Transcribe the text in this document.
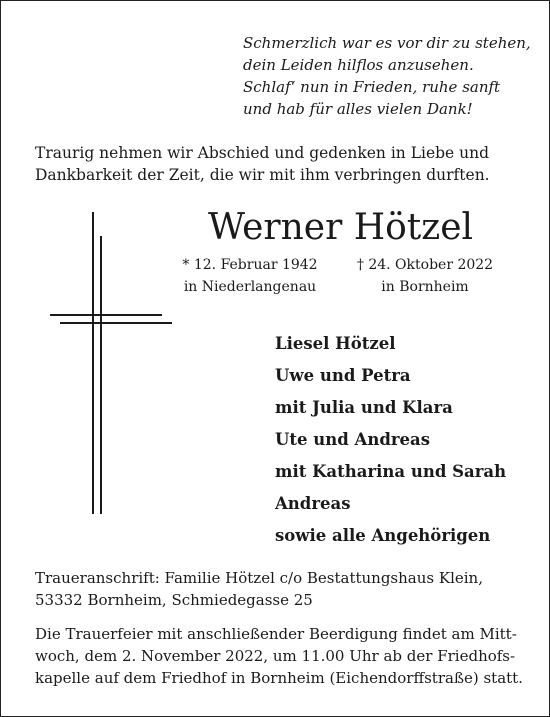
Schmerzlich war es vor dir zu stehen,
dein Leiden hilflos anzusehen.
Schlaf‘ nun in Frieden, ruhe sanft
und hab für alles vielen Dank!
Traurig nehmen wir Abschied und gedenken in Liebe und
Dankbarkeit der Zeit, die wir mit ihm verbringen durften.
Werner Hötzel
* 12. Februar 1942
in Niederlangenau
† 24. Oktober 2022
in Bornheim
Liesel Hötzel
Uwe und Petra
mit Julia und Klara
Ute und Andreas
mit Katharina und Sarah
Andreas
sowie alle Angehörigen
Traueranschrift: Familie Hötzel c/o Bestattungshaus Klein,
53332 Bornheim, Schmiedegasse 25
Die Trauerfeier mit anschließender Beerdigung findet am Mitt-
woch, dem 2. November 2022, um 11.00 Uhr ab der Friedhofs-
kapelle auf dem Friedhof in Bornheim (Eichendorffstraße) statt.
